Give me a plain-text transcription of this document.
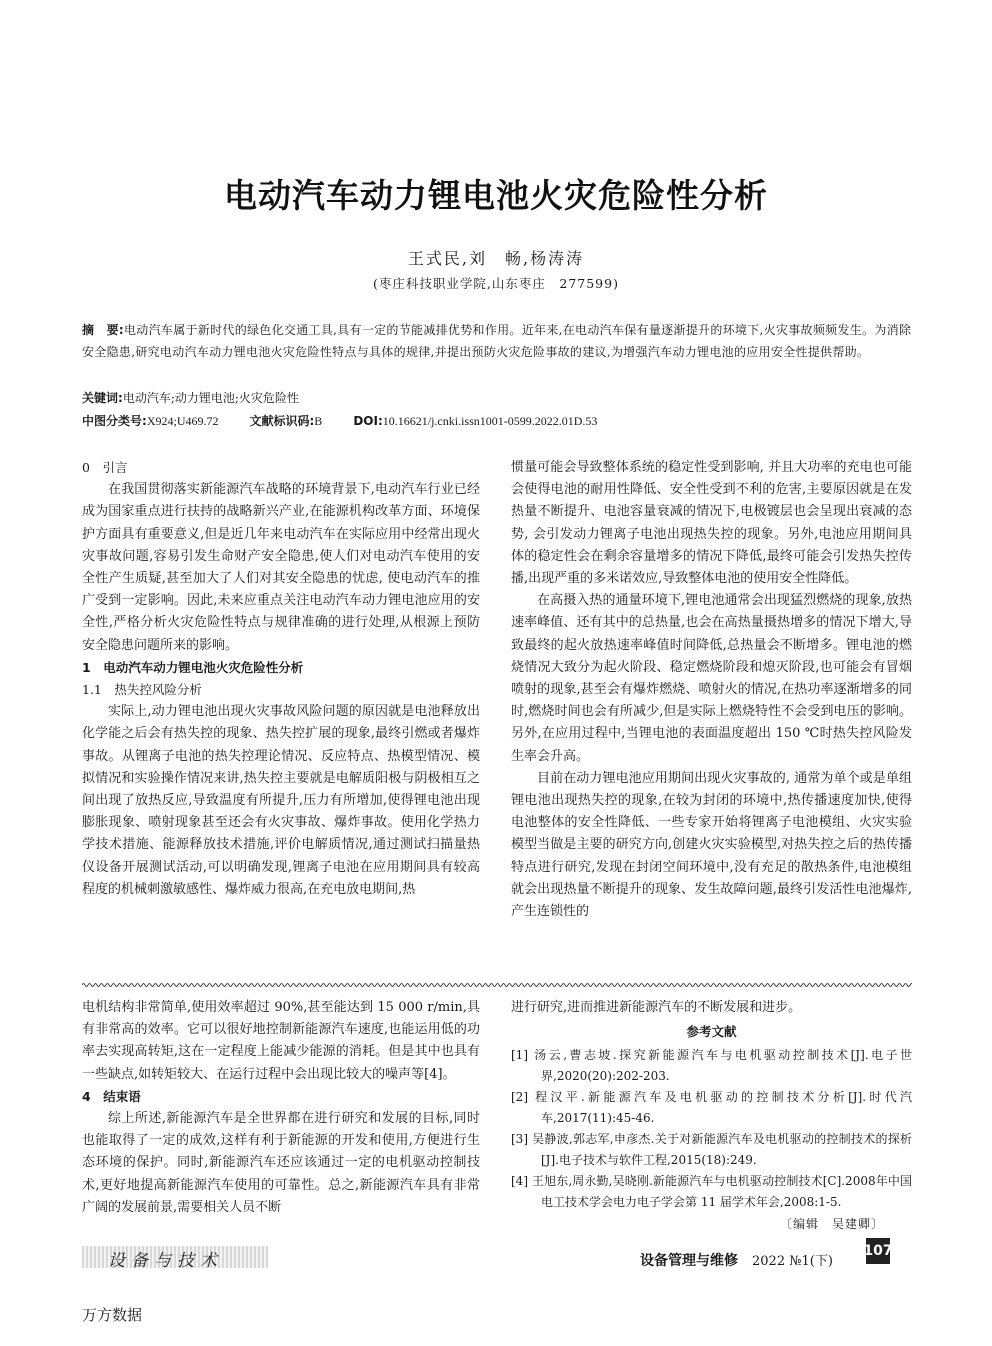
电动汽车动力锂电池火灾危险性分析
王式民,刘　畅,杨涛涛
(枣庄科技职业学院,山东枣庄　277599)
摘　要:电动汽车属于新时代的绿色化交通工具,具有一定的节能减排优势和作用。近年来,在电动汽车保有量逐渐提升的环境下,火灾事故频频发生。为消除安全隐患,研究电动汽车动力锂电池火灾危险性特点与具体的规律,并提出预防火灾危险事故的建议,为增强汽车动力锂电池的应用安全性提供帮助。
关键词:电动汽车;动力锂电池;火灾危险性
中图分类号:X924;U469.72	文献标识码:B	DOI:10.16621/j.cnki.issn1001-0599.2022.01D.53

0　引言

在我国贯彻落实新能源汽车战略的环境背景下,电动汽车行业已经成为国家重点进行扶持的战略新兴产业,在能源机构改革方面、环境保护方面具有重要意义,但是近几年来电动汽车在实际应用中经常出现火灾事故问题,容易引发生命财产安全隐患,使人们对电动汽车使用的安全性产生质疑,甚至加大了人们对其安全隐患的忧虑, 使电动汽车的推广受到一定影响。因此,未来应重点关注电动汽车动力锂电池应用的安全性,严格分析火灾危险性特点与规律准确的进行处理,从根源上预防安全隐患问题所来的影响。

1　电动汽车动力锂电池火灾危险性分析

1.1　热失控风险分析

实际上,动力锂电池出现火灾事故风险问题的原因就是电池释放出化学能之后会有热失控的现象、热失控扩展的现象,最终引燃或者爆炸事故。从锂离子电池的热失控理论情况、反应特点、热模型情况、模拟情况和实验操作情况来讲,热失控主要就是电解质阳极与阴极相互之间出现了放热反应,导致温度有所提升,压力有所增加,使得锂电池出现膨胀现象、喷射现象甚至还会有火灾事故、爆炸事故。使用化学热力学技术措施、能源释放技术措施,评价电解质情况,通过测试扫描量热仪设备开展测试活动,可以明确发现,锂离子电池在应用期间具有较高程度的机械刺激敏感性、爆炸威力很高,在充电放电期间,热

惯量可能会导致整体系统的稳定性受到影响, 并且大功率的充电也可能会使得电池的耐用性降低、安全性受到不利的危害,主要原因就是在发热量不断提升、电池容量衰减的情况下,电极镀层也会呈现出衰减的态势, 会引发动力锂离子电池出现热失控的现象。另外,电池应用期间具体的稳定性会在剩余容量增多的情况下降低,最终可能会引发热失控传播,出现严重的多米诺效应,导致整体电池的使用安全性降低。

在高摄入热的通量环境下,锂电池通常会出现猛烈燃烧的现象,放热速率峰值、还有其中的总热量,也会在高热量摄热增多的情况下增大,导致最终的起火放热速率峰值时间降低,总热量会不断增多。锂电池的燃烧情况大致分为起火阶段、稳定燃烧阶段和熄灭阶段,也可能会有冒烟喷射的现象,甚至会有爆炸燃烧、喷射火的情况,在热功率逐渐增多的同时,燃烧时间也会有所减少,但是实际上燃烧特性不会受到电压的影响。另外,在应用过程中,当锂电池的表面温度超出 150 ℃时热失控风险发生率会升高。

目前在动力锂电池应用期间出现火灾事故的, 通常为单个或是单组锂电池出现热失控的现象,在较为封闭的环境中,热传播速度加快,使得电池整体的安全性降低、一些专家开始将锂离子电池模组、火灾实验模型当做是主要的研究方向,创建火灾实验模型,对热失控之后的热传播特点进行研究,发现在封闭空间环境中,没有充足的散热条件,电池模组就会出现热量不断提升的现象、发生故障问题,最终引发活性电池爆炸,产生连锁性的

电机结构非常简单,使用效率超过 90%,甚至能达到 15 000 r/min,具有非常高的效率。它可以很好地控制新能源汽车速度,也能运用低的功率去实现高转矩,这在一定程度上能减少能源的消耗。但是其中也具有一些缺点,如转矩较大、在运行过程中会出现比较大的噪声等[4]。

4　结束语

综上所述,新能源汽车是全世界都在进行研究和发展的目标,同时也能取得了一定的成效,这样有利于新能源的开发和使用,方便进行生态环境的保护。同时,新能源汽车还应该通过一定的电机驱动控制技术,更好地提高新能源汽车使用的可靠性。总之,新能源汽车具有非常广阔的发展前景,需要相关人员不断

进行研究,进而推进新能源汽车的不断发展和进步。

参考文献

[1] 汤云,曹志坡.探究新能源汽车与电机驱动控制技术[J].电子世界,2020(20):202-203.

[2] 程汉平.新能源汽车及电机驱动的控制技术分析[J].时代汽车,2017(11):45-46.

[3] 吴静波,郭志军,申彦杰.关于对新能源汽车及电机驱动的控制技术的探析[J].电子技术与软件工程,2015(18):249.

[4] 王旭东,周永勤,吴晓刚.新能源汽车与电机驱动控制技术[C].2008年中国电工技术学会电力电子学会第 11 届学术年会,2008:1-5.

〔编辑　吴建卿〕

设备与技术	设备管理与维修 2022 №1(下)
107
万方数据
